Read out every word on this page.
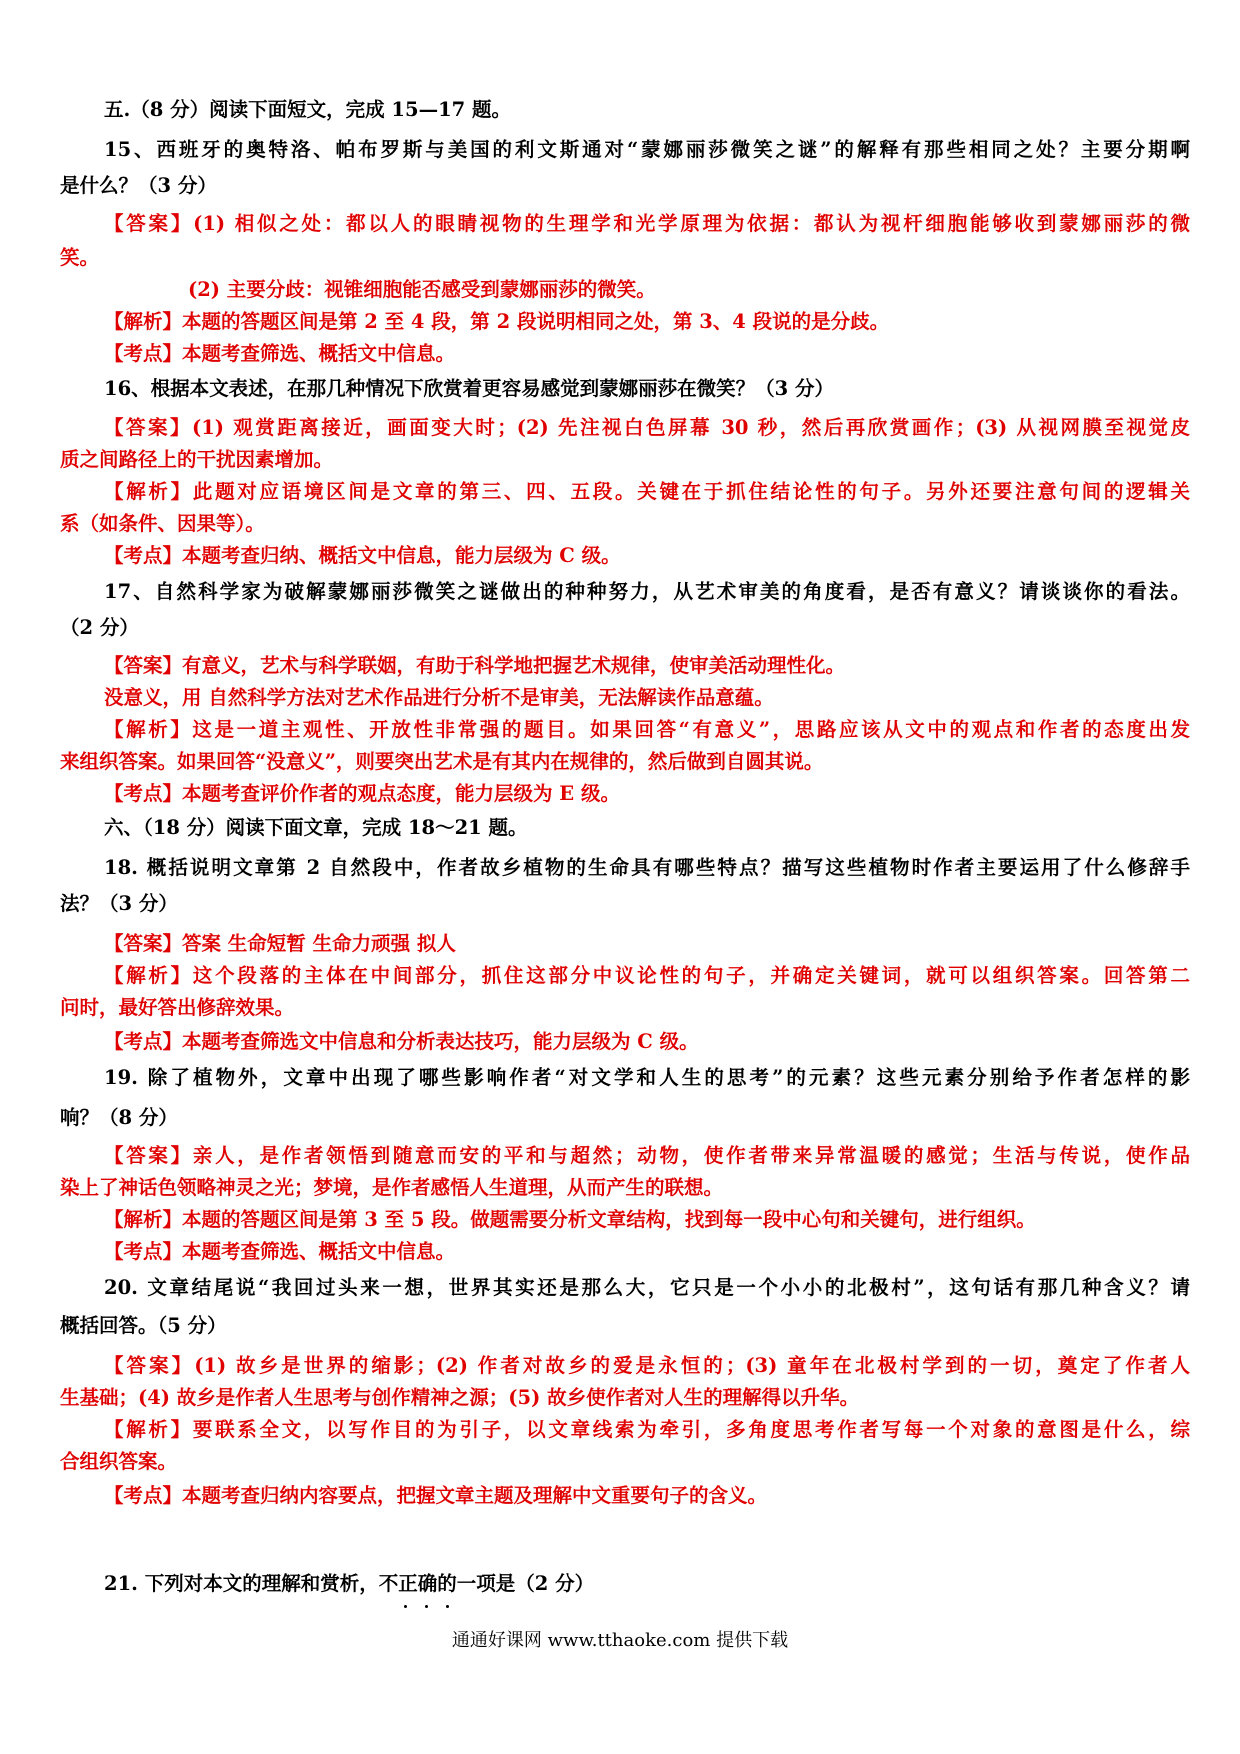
五.（8 分）阅读下面短文，完成 15—17 题。
15、西班牙的奥特洛、帕布罗斯与美国的利文斯通对“蒙娜丽莎微笑之谜”的解释有那些相同之处？主要分期啊
是什么？（3 分）
【答案】(1) 相似之处：都以人的眼睛视物的生理学和光学原理为依据：都认为视杆细胞能够收到蒙娜丽莎的微
笑。
(2) 主要分歧：视锥细胞能否感受到蒙娜丽莎的微笑。
【解析】本题的答题区间是第 2 至 4 段，第 2 段说明相同之处，第 3、4 段说的是分歧。
【考点】本题考查筛选、概括文中信息。
16、根据本文表述，在那几种情况下欣赏着更容易感觉到蒙娜丽莎在微笑？（3 分）
【答案】(1) 观赏距离接近，画面变大时；(2) 先注视白色屏幕 30 秒，然后再欣赏画作；(3) 从视网膜至视觉皮
质之间路径上的干扰因素增加。
【解析】此题对应语境区间是文章的第三、四、五段。关键在于抓住结论性的句子。另外还要注意句间的逻辑关
系（如条件、因果等）。
【考点】本题考查归纳、概括文中信息，能力层级为 C 级。
17、自然科学家为破解蒙娜丽莎微笑之谜做出的种种努力，从艺术审美的角度看，是否有意义？请谈谈你的看法。
（2 分）
【答案】有意义，艺术与科学联姻，有助于科学地把握艺术规律，使审美活动理性化。
没意义，用 自然科学方法对艺术作品进行分析不是审美，无法解读作品意蕴。
【解析】这是一道主观性、开放性非常强的题目。如果回答“有意义”，思路应该从文中的观点和作者的态度出发
来组织答案。如果回答“没意义”，则要突出艺术是有其内在规律的，然后做到自圆其说。
【考点】本题考查评价作者的观点态度，能力层级为 E 级。
六、（18 分）阅读下面文章，完成 18～21 题。
18. 概括说明文章第 2 自然段中，作者故乡植物的生命具有哪些特点？描写这些植物时作者主要运用了什么修辞手
法？（3 分）
【答案】答案 生命短暂 生命力顽强 拟人
【解析】这个段落的主体在中间部分，抓住这部分中议论性的句子，并确定关键词，就可以组织答案。回答第二
问时，最好答出修辞效果。
【考点】本题考查筛选文中信息和分析表达技巧，能力层级为 C 级。
19. 除了植物外，文章中出现了哪些影响作者“对文学和人生的思考”的元素？这些元素分别给予作者怎样的影
响？（8 分）
【答案】亲人，是作者领悟到随意而安的平和与超然；动物，使作者带来异常温暖的感觉；生活与传说，使作品
染上了神话色领略神灵之光；梦境，是作者感悟人生道理，从而产生的联想。
【解析】本题的答题区间是第 3 至 5 段。做题需要分析文章结构，找到每一段中心句和关键句，进行组织。
【考点】本题考查筛选、概括文中信息。
20. 文章结尾说“我回过头来一想，世界其实还是那么大，它只是一个小小的北极村”，这句话有那几种含义？请
概括回答。（5 分）
【答案】(1) 故乡是世界的缩影；(2) 作者对故乡的爱是永恒的；(3) 童年在北极村学到的一切，奠定了作者人
生基础；(4) 故乡是作者人生思考与创作精神之源；(5) 故乡使作者对人生的理解得以升华。
【解析】要联系全文，以写作目的为引子，以文章线索为牵引，多角度思考作者写每一个对象的意图是什么，综
合组织答案。
【考点】本题考查归纳内容要点，把握文章主题及理解中文重要句子的含义。
21. 下列对本文的理解和赏析，不正确的一项是（2 分）
通通好课网 www.tthaoke.com 提供下载
